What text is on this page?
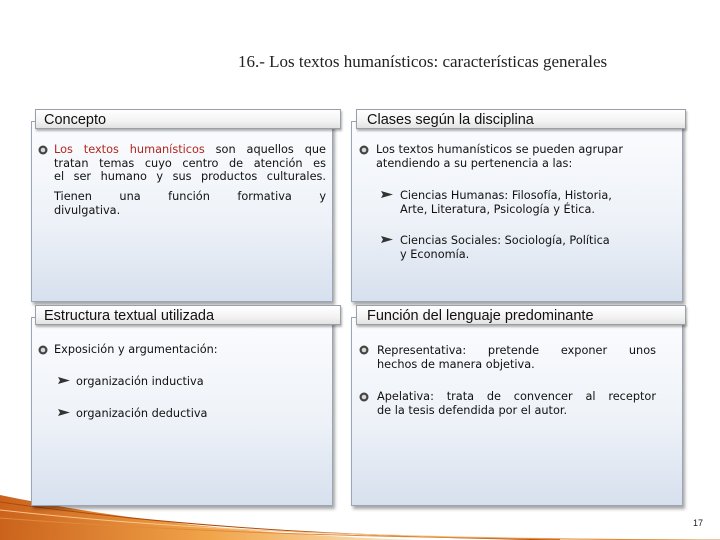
16.- Los textos humanísticos: características generales
Concepto
Los textos humanísticos son aquellos que
tratan temas cuyo centro de atención es
el ser humano y sus productos culturales.
Tienen una función formativa y
divulgativa.
Clases según la disciplina
Los textos humanísticos se pueden agrupar
atendiendo a su pertenencia a las:
Ciencias Humanas: Filosofía, Historia,
Arte, Literatura, Psicología y Ética.
Ciencias Sociales: Sociología, Política
y Economía.
Estructura textual utilizada
Exposición y argumentación:
organización inductiva
organización deductiva
Función del lenguaje predominante
Representativa: pretende exponer unos
hechos de manera objetiva.
Apelativa: trata de convencer al receptor
de la tesis defendida por el autor.
17
